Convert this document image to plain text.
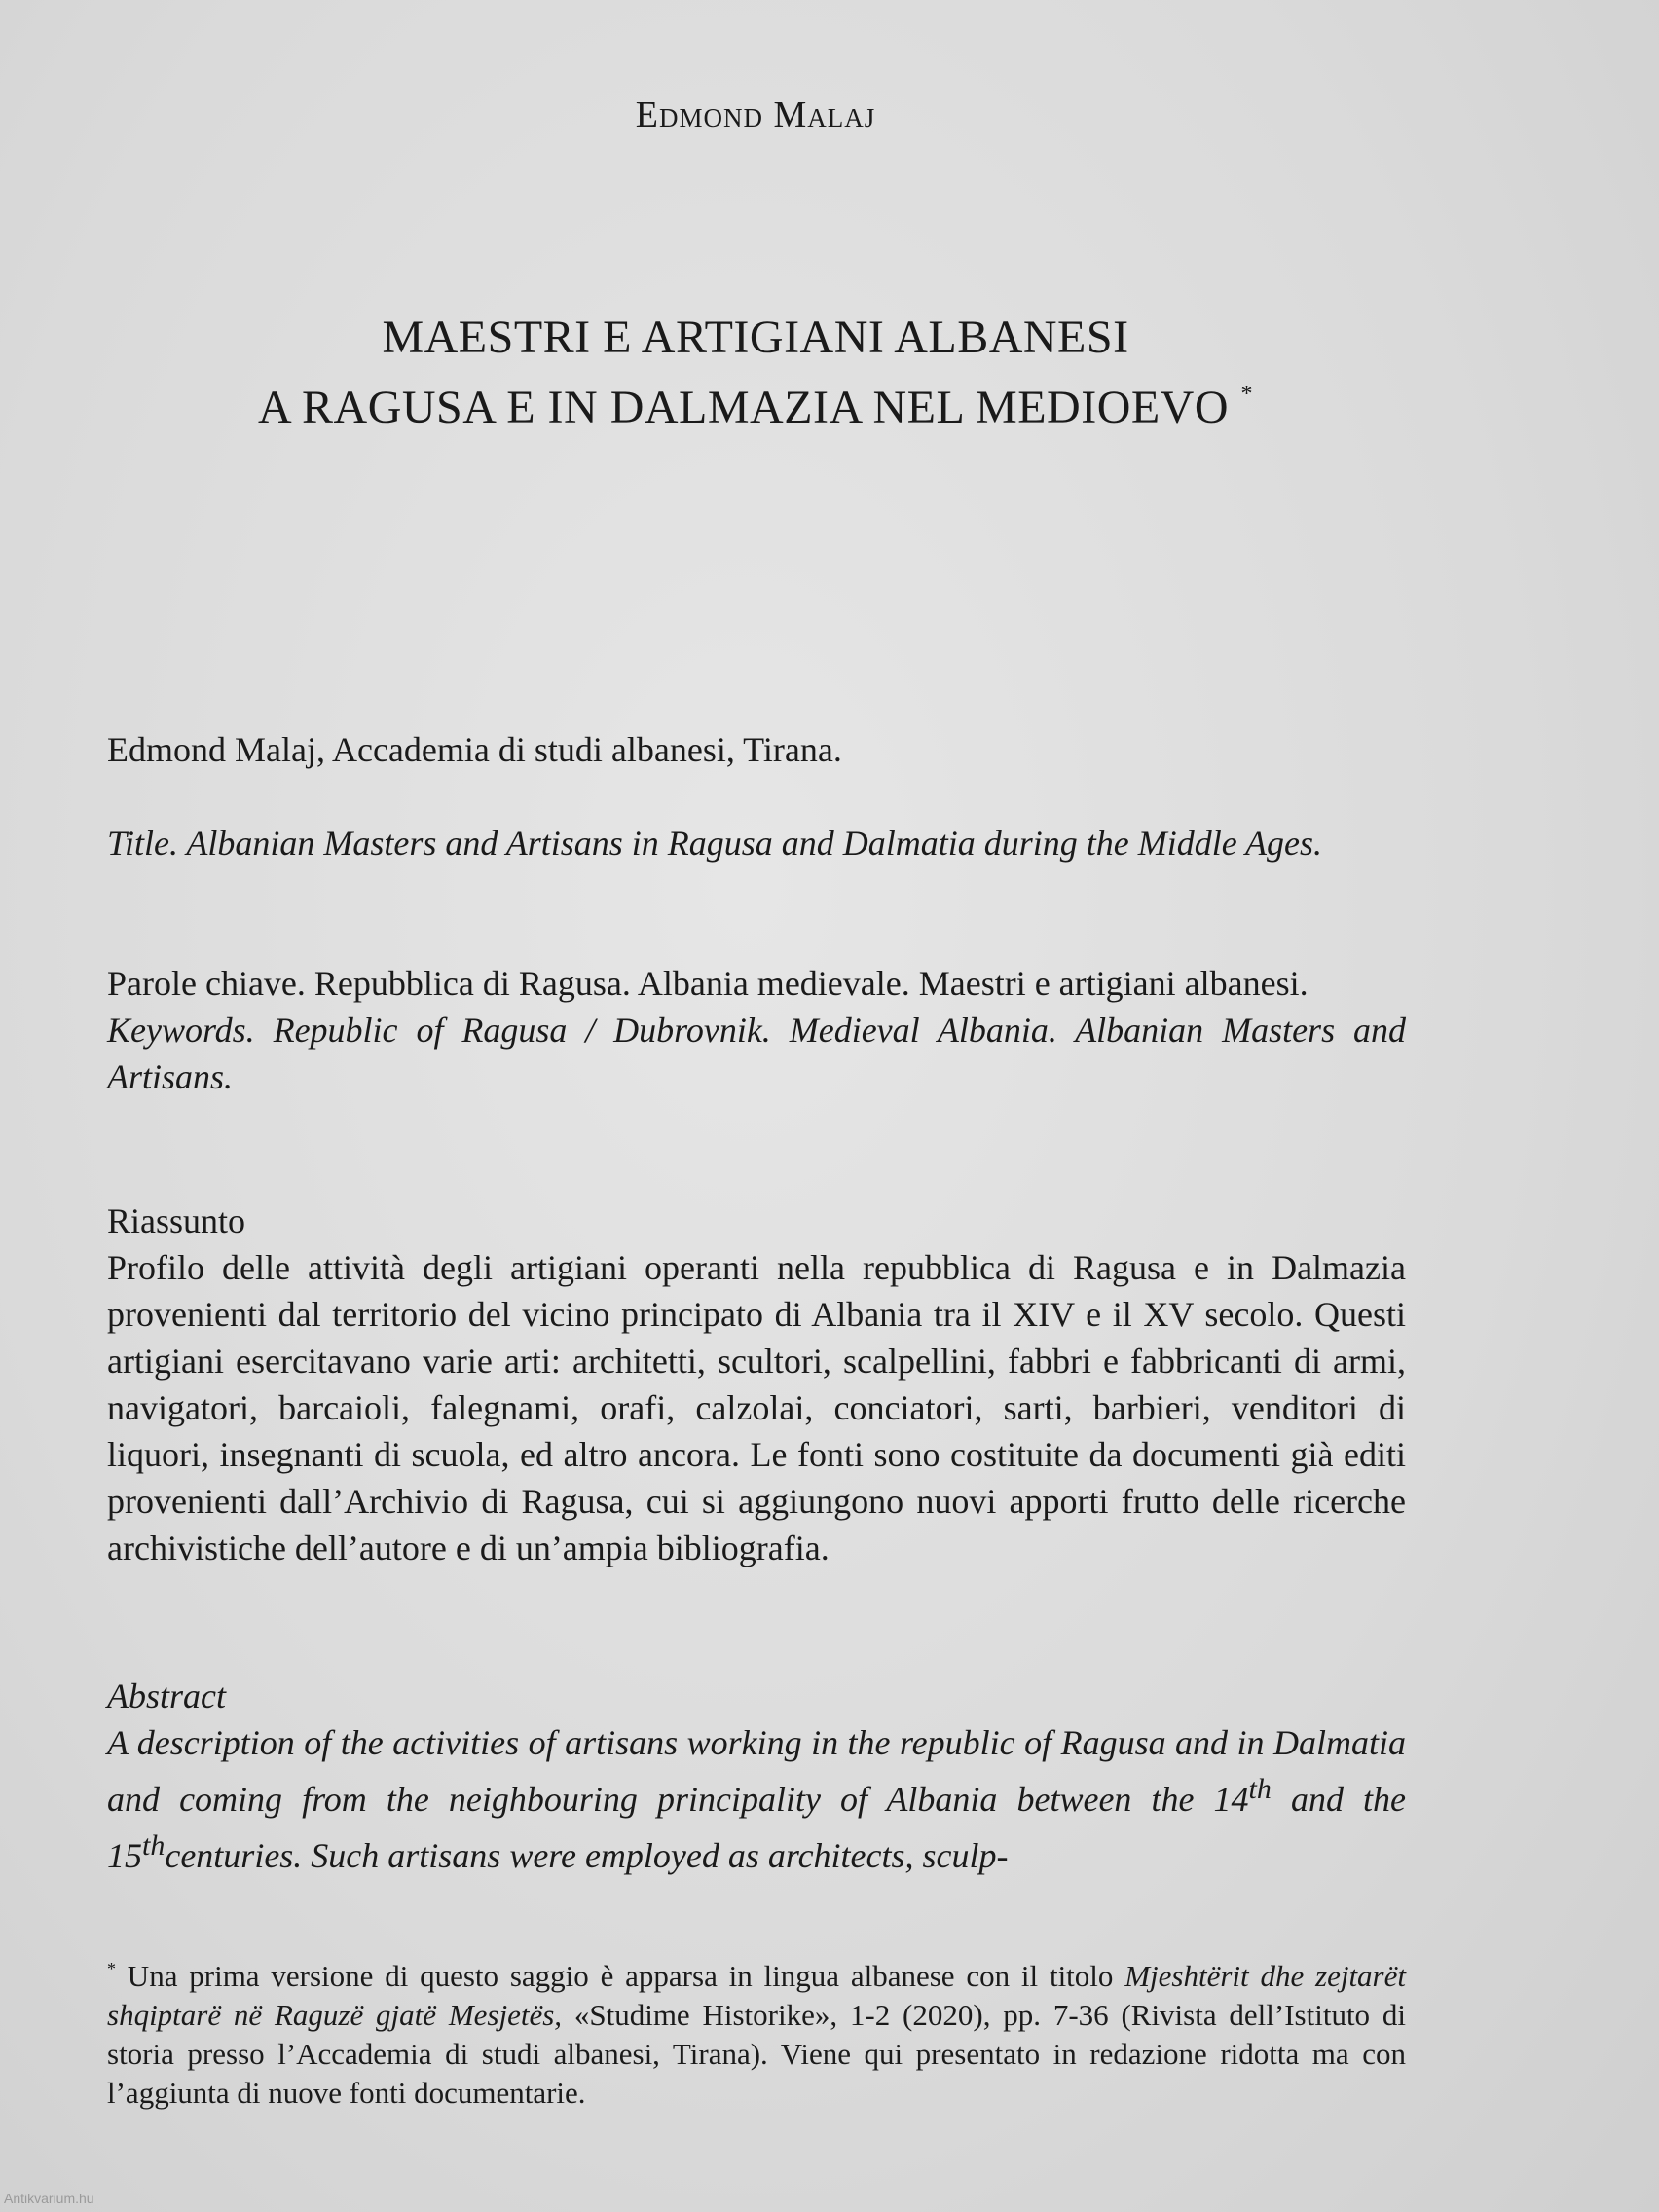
Edmond Malaj
MAESTRI E ARTIGIANI ALBANESI
A RAGUSA E IN DALMAZIA NEL MEDIOEVO *

Edmond Malaj, Accademia di studi albanesi, Tirana.

Title. Albanian Masters and Artisans in Ragusa and Dalmatia during the Middle Ages.

Parole chiave. Repubblica di Ragusa. Albania medievale. Maestri e artigiani albanesi.

Keywords. Republic of Ragusa / Dubrovnik. Medieval Albania. Albanian Masters and Artisans.

Riassunto

Profilo delle attività degli artigiani operanti nella repubblica di Ragusa e in Dalmazia provenienti dal territorio del vicino principato di Albania tra il XIV e il XV secolo. Questi artigiani esercitavano varie arti: architetti, scultori, scalpellini, fabbri e fabbricanti di armi, navigatori, barcaioli, falegnami, orafi, calzolai, conciatori, sarti, barbieri, venditori di liquori, insegnanti di scuola, ed altro ancora. Le fonti sono costituite da documenti già editi provenienti dall’Archivio di Ragusa, cui si aggiungono nuovi apporti frutto delle ricerche archivistiche dell’autore e di un’ampia bibliografia.

Abstract

A description of the activities of artisans working in the republic of Ragusa and in Dalmatia and coming from the neighbouring principality of Albania between the 14th and the 15thcenturies. Such artisans were employed as architects, sculp-

* Una prima versione di questo saggio è apparsa in lingua albanese con il titolo Mjeshtërit dhe zejtarët shqiptarë në Raguzë gjatë Mesjetës, «Studime Historike», 1-2 (2020), pp. 7-36 (Rivista dell’Istituto di storia presso l’Accademia di studi albanesi, Tirana). Viene qui presentato in redazione ridotta ma con l’aggiunta di nuove fonti documentarie.
Antikvarium.hu
